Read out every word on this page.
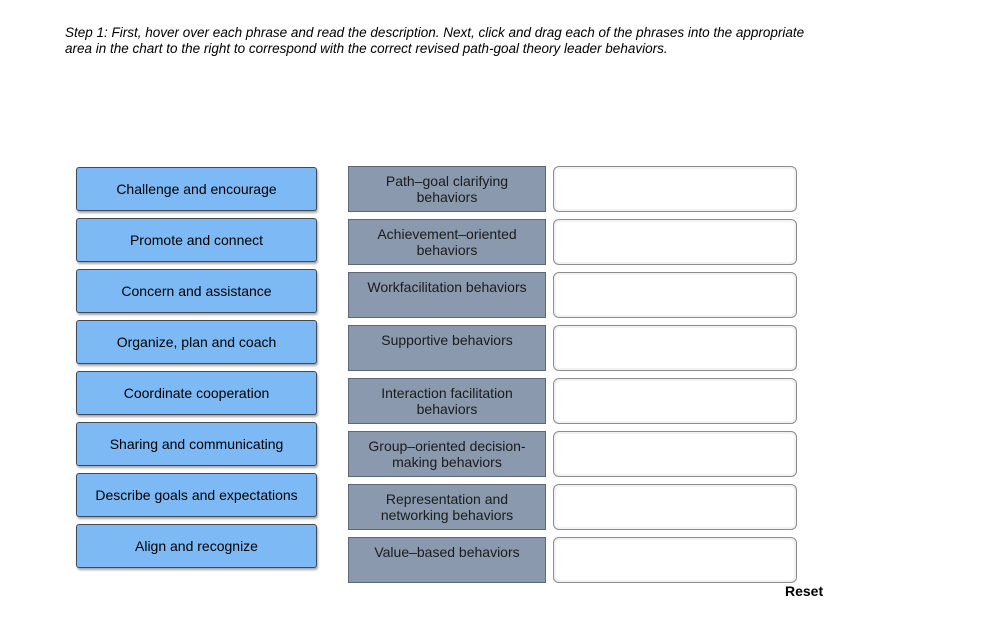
Step 1: First, hover over each phrase and read the description. Next, click and drag each of the phrases into the appropriate area in the chart to the right to correspond with the correct revised path-goal theory leader behaviors.
Challenge and encourage
Promote and connect
Concern and assistance
Organize, plan and coach
Coordinate cooperation
Sharing and communicating
Describe goals and expectations
Align and recognize
Path–goal clarifying behaviors
Achievement–oriented behaviors
Workfacilitation behaviors
Supportive behaviors
Interaction facilitation behaviors
Group–oriented decision-making behaviors
Representation and networking behaviors
Value–based behaviors
Reset
